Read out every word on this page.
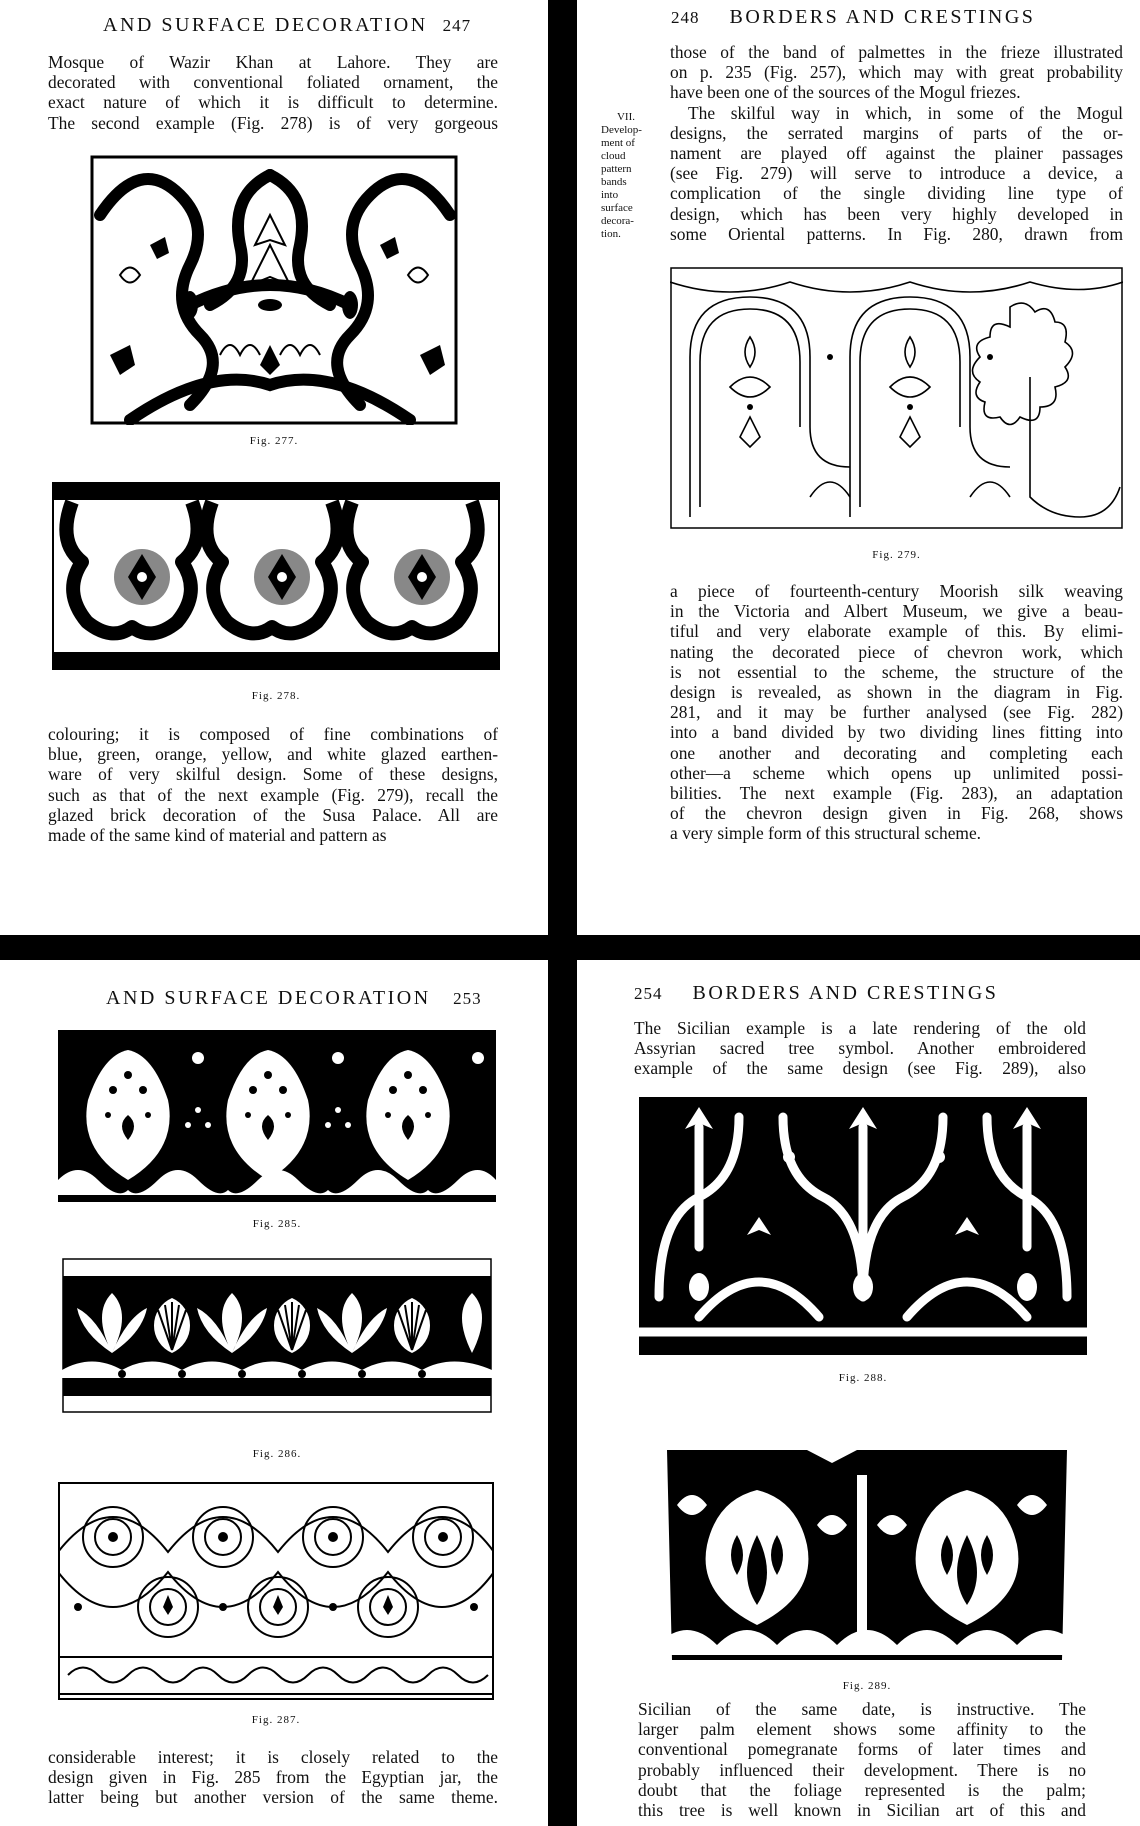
AND SURFACE DECORATION 247
Mosque of Wazir Khan at Lahore. They are
decorated with conventional foliated ornament, the
exact nature of which it is difficult to determine.
The second example (Fig. 278) is of very gorgeous
Fig. 277.
Fig. 278.
colouring; it is composed of fine combinations of
blue, green, orange, yellow, and white glazed earthen-
ware of very skilful design. Some of these designs,
such as that of the next example (Fig. 279), recall the
glazed brick decoration of the Susa Palace. All are
made of the same kind of material and pattern as
248 BORDERS AND CRESTINGS
VII.
Develop-
ment of
cloud
pattern
bands
into
surface
decora-
tion.
those of the band of palmettes in the frieze illustrated
on p. 235 (Fig. 257), which may with great probability
have been one of the sources of the Mogul friezes.
The skilful way in which, in some of the Mogul
designs, the serrated margins of parts of the or-
nament are played off against the plainer passages
(see Fig. 279) will serve to introduce a device, a
complication of the single dividing line type of
design, which has been very highly developed in
some Oriental patterns. In Fig. 280, drawn from
Fig. 279.
a piece of fourteenth-century Moorish silk weaving
in the Victoria and Albert Museum, we give a beau-
tiful and very elaborate example of this. By elimi-
nating the decorated piece of chevron work, which
is not essential to the scheme, the structure of the
design is revealed, as shown in the diagram in Fig.
281, and it may be further analysed (see Fig. 282)
into a band divided by two dividing lines fitting into
one another and decorating and completing each
other—a scheme which opens up unlimited possi-
bilities. The next example (Fig. 283), an adaptation
of the chevron design given in Fig. 268, shows
a very simple form of this structural scheme.
AND SURFACE DECORATION 253
Fig. 285.
Fig. 286.
Fig. 287.
considerable interest; it is closely related to the
design given in Fig. 285 from the Egyptian jar, the
latter being but another version of the same theme.
254 BORDERS AND CRESTINGS
The Sicilian example is a late rendering of the old
Assyrian sacred tree symbol. Another embroidered
example of the same design (see Fig. 289), also
Fig. 288.
Fig. 289.
Sicilian of the same date, is instructive. The
larger palm element shows some affinity to the
conventional pomegranate forms of later times and
probably influenced their development. There is no
doubt that the foliage represented is the palm;
this tree is well known in Sicilian art of this and
